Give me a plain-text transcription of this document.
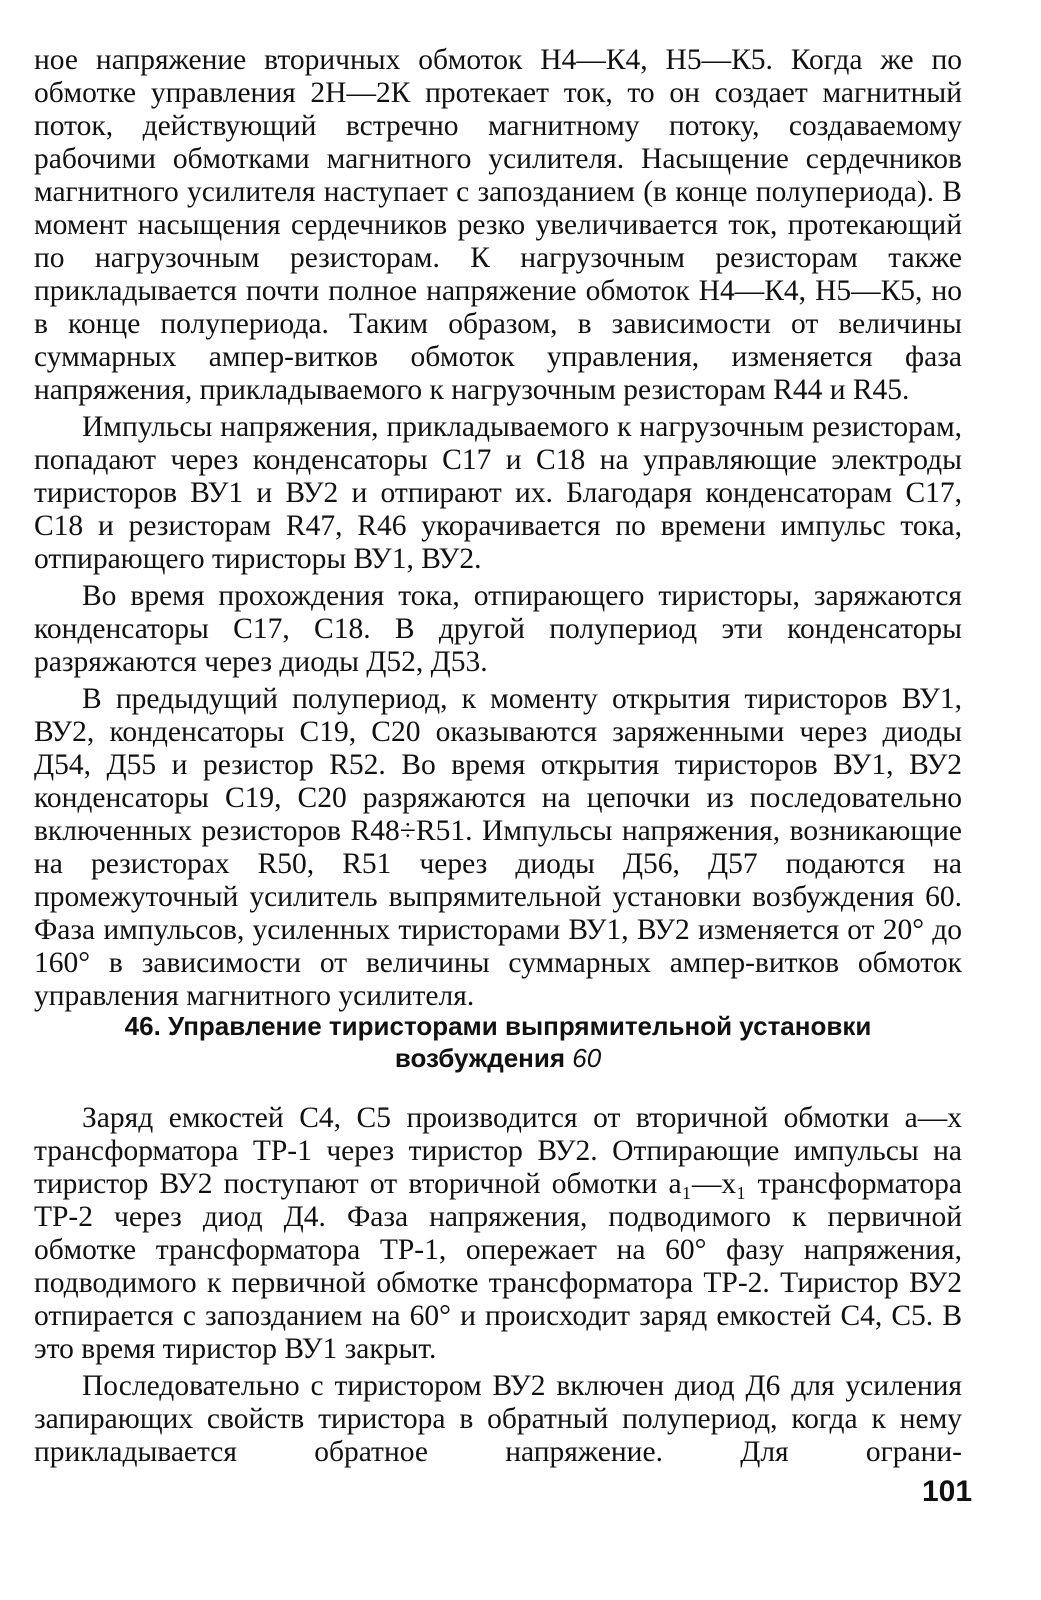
ное напряжение вторичных обмоток Н4—К4, Н5—К5. Когда же по обмотке управления 2Н—2К протекает ток, то он создает магнитный поток, действующий встречно магнитному потоку, создаваемому рабочими обмотками магнитного усилителя. Насыщение сердечников магнитного усилителя наступает с запозданием (в конце полупериода). В момент насыщения сердечников резко увеличивается ток, протекающий по нагрузочным резисторам. К нагрузочным резисторам также прикладывается почти полное напряжение обмоток Н4—К4, Н5—К5, но в конце полупериода. Таким образом, в зависимости от величины суммарных ампер-витков обмоток управления, изменяется фаза напряжения, прикладываемого к нагрузочным резисторам R44 и R45.

Импульсы напряжения, прикладываемого к нагрузочным резисторам, попадают через конденсаторы С17 и С18 на управляющие электроды тиристоров ВУ1 и ВУ2 и отпирают их. Благодаря конденсаторам С17, С18 и резисторам R47, R46 укорачивается по времени импульс тока, отпирающего тиристоры ВУ1, ВУ2.

Во время прохождения тока, отпирающего тиристоры, заряжаются конденсаторы С17, С18. В другой полупериод эти конденсаторы разряжаются через диоды Д52, Д53.

В предыдущий полупериод, к моменту открытия тиристоров ВУ1, ВУ2, конденсаторы С19, С20 оказываются заряженными через диоды Д54, Д55 и резистор R52. Во время открытия тиристоров ВУ1, ВУ2 конденсаторы С19, С20 разряжаются на цепочки из последовательно включенных резисторов R48÷R51. Импульсы напряжения, возникающие на резисторах R50, R51 через диоды Д56, Д57 подаются на промежуточный усилитель выпрямительной установки возбуждения 60. Фаза импульсов, усиленных тиристорами ВУ1, ВУ2 изменяется от 20° до 160° в зависимости от величины суммарных ампер-витков обмоток управления магнитного усилителя.

46. Управление тиристорами выпрямительной установки
возбуждения 60

Заряд емкостей С4, С5 производится от вторичной обмотки а—х трансформатора ТР-1 через тиристор ВУ2. Отпирающие импульсы на тиристор ВУ2 поступают от вторичной обмотки а₁—х₁ трансформатора ТР-2 через диод Д4. Фаза напряжения, подводимого к первичной обмотке трансформатора ТР-1, опережает на 60° фазу напряжения, подводимого к первичной обмотке трансформатора ТР-2. Тиристор ВУ2 отпирается с запозданием на 60° и происходит заряд емкостей С4, С5. В это время тиристор ВУ1 закрыт.

Последовательно с тиристором ВУ2 включен диод Д6 для усиления запирающих свойств тиристора в обратный полупериод, когда к нему прикладывается обратное напряжение. Для ограни-

101
